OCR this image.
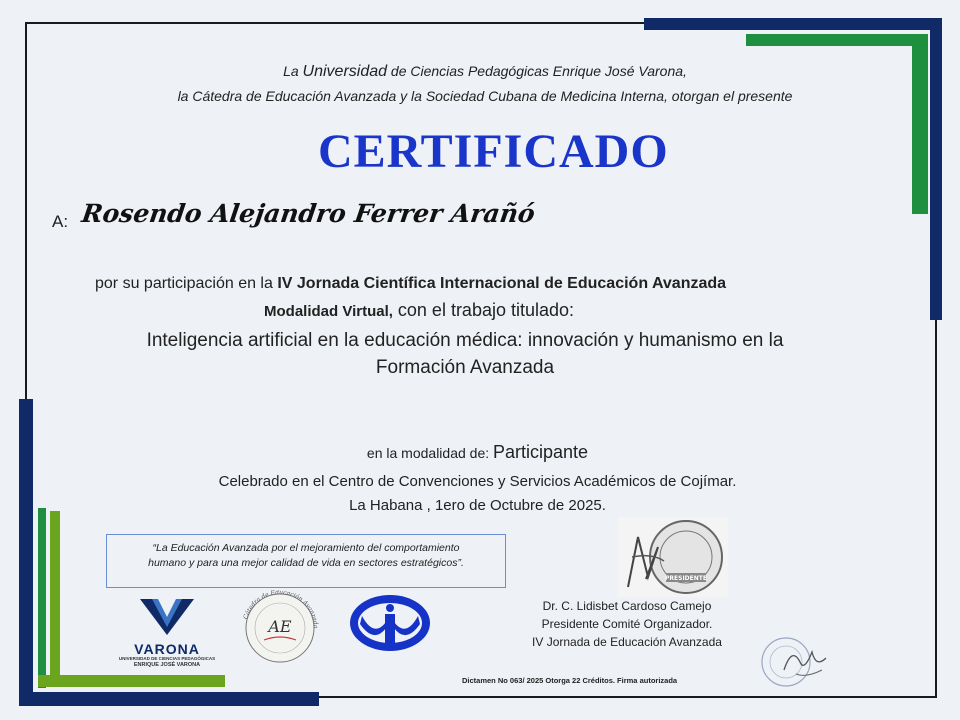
La Universidad de Ciencias Pedagógicas Enrique José Varona,
la Cátedra de Educación Avanzada y la Sociedad Cubana de Medicina Interna, otorgan el presente
CERTIFICADO
A: Rosendo Alejandro Ferrer Arañó
por su participación en la IV Jornada Científica Internacional de Educación Avanzada
Modalidad Virtual, con el trabajo titulado:
Inteligencia artificial en la educación médica: innovación y humanismo en la
Formación Avanzada
en la modalidad de: Participante
Celebrado en el Centro de Convenciones y Servicios Académicos de Cojímar.
La Habana , 1ero de Octubre de 2025.
“La Educación Avanzada por el mejoramiento del comportamiento
humano y para una mejor calidad de vida en sectores estratégicos”.
VARONA
UNIVERSIDAD DE CIENCIAS PEDAGÓGICAS
ENRIQUE JOSÉ VARONA
Cátedra de Educación Avanzada
AE
PRESIDENTE
Dr. C. Lidisbet Cardoso Camejo
Presidente Comité Organizador.
IV Jornada de Educación Avanzada
Dictamen No 063/ 2025 Otorga 22 Créditos. Firma autorizada
